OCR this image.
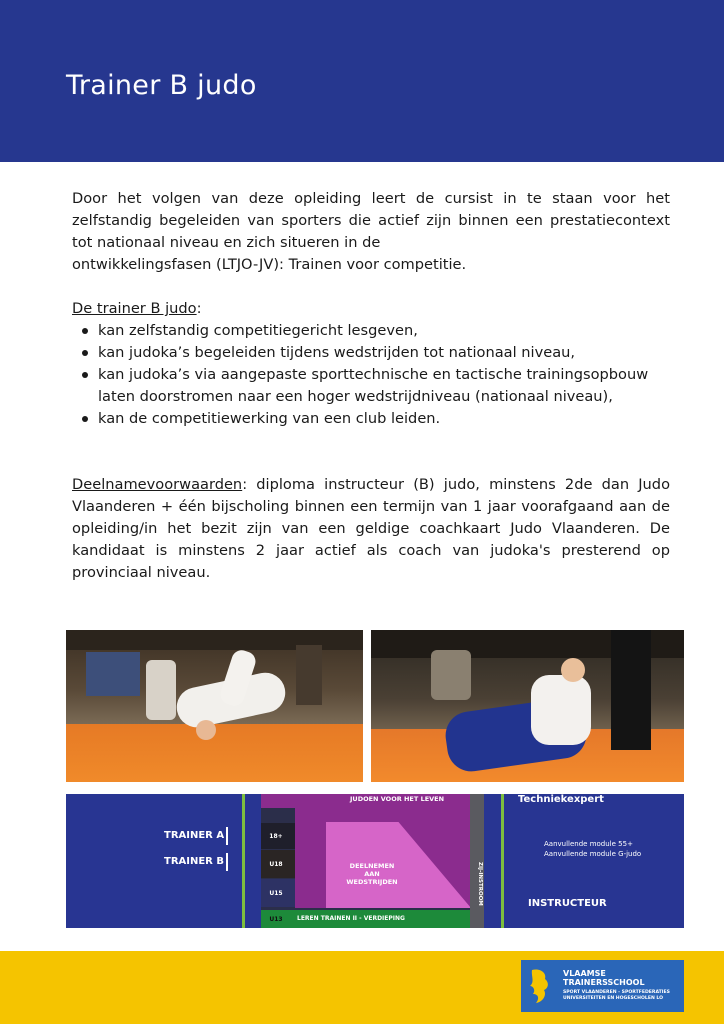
Trainer B judo
Door het volgen van deze opleiding leert de cursist in te staan voor het zelfstandig begeleiden van sporters die actief zijn binnen een prestatiecontext tot nationaal niveau en zich situeren in de
ontwikkelingsfasen (LTJO-JV): Trainen voor competitie.
De trainer B judo:
kan zelfstandig competitiegericht lesgeven,
kan judoka’s begeleiden tijdens wedstrijden tot nationaal niveau,
kan judoka’s via aangepaste sporttechnische en tactische trainingsopbouw laten doorstromen naar een hoger wedstrijdniveau (nationaal niveau),
kan de competitiewerking van een club leiden.
Deelnamevoorwaarden: diploma instructeur (B) judo, minstens 2de dan Judo Vlaanderen + één bijscholing binnen een termijn van 1 jaar voorafgaand aan de opleiding/in het bezit zijn van een geldige coachkaart Judo Vlaanderen. De kandidaat is minstens 2 jaar actief als coach van judoka's presterend op provinciaal niveau.
TRAINER A
TRAINER B
18+

U18

U15
U13	LEREN TRAINEN II - VERDIEPING
JUDOEN VOOR HET LEVEN
DEELNEMEN AAN WEDSTRIJDEN	ZIJ-INSTROOM
Techniekexpert
Aanvullende module 55+
Aanvullende module G-judo
INSTRUCTEUR
VLAAMSE
TRAINERSSCHOOL
SPORT VLAANDEREN - SPORTFEDERATIES
UNIVERSITEITEN EN HOGESCHOLEN LO
